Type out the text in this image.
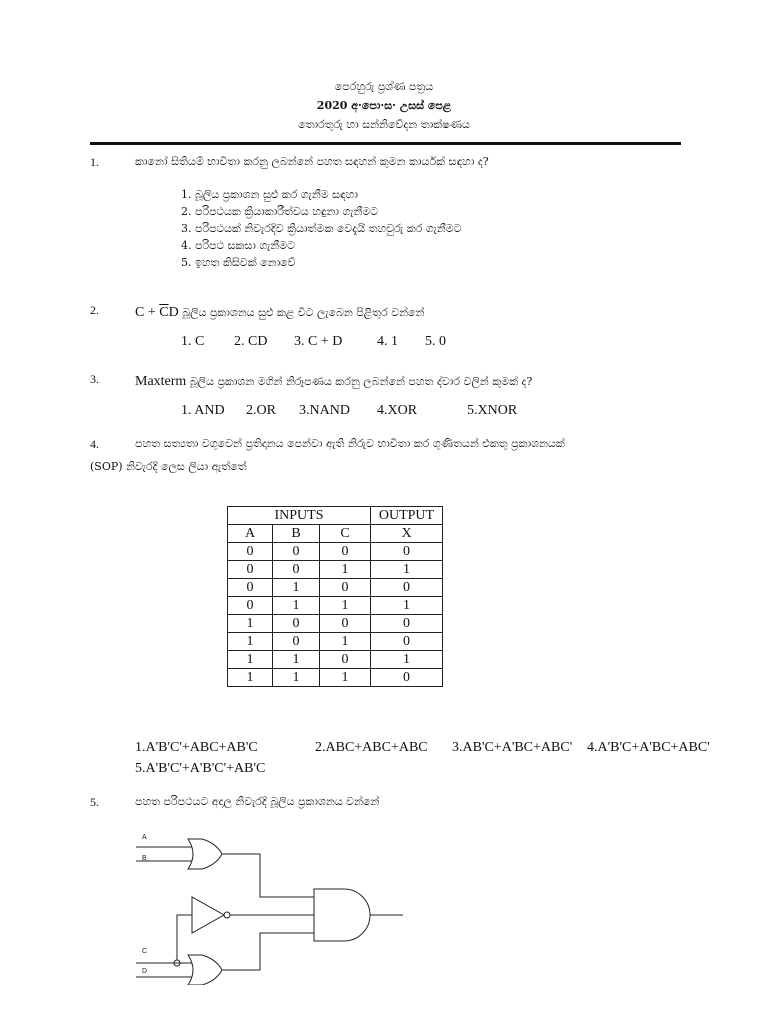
පෙරහුරු ප්‍රශ්ණ පත්‍රය
2020 අ·පො·ස· උසස් පෙළ
තොරතුරු හා සන්නිවේදන තාක්ෂණය
1.	කානෝ සිතියම් භාවිතා කරනු ලබන්නේ පහත සඳහන් කුමන කාර්යක් සඳහා ද?
1. බූලිය ප්‍රකාශන සුළු කර ගැනීම සඳහා
2. පරිපථයක ක්‍රියාකාරීත්වය හඳුනා ගැනීමට
3. පරිපථයක් නිවැරදිව ක්‍රියාත්මක වෙදැයි තහවුරු කර ගැනීමට
4. පරිපථ සකසා ගැනීමට
5. ඉහත කිසිවක් නොවේ
2.	$C + \overline{C}D$ බූලිය ප්‍රකාශනය සුළු කළ විට ලැබෙන පිළිතුර වන්නේ
1. C 2. CD 3. C + D 4. 1 5. 0
3.	Maxterm බූලිය ප්‍රකාශන මගින් නිරූපණය කරනු ලබන්නේ පහත ද්වාර වලින් කුමක් ද?
1. AND 2.OR 3.NAND 4.XOR	5.XNOR
4.	පහත සත්‍යතා වගුවෙන් ප්‍රතිදානය පෙන්වා ඇති නිරුව භාවිතා කර ගුණිතයන් එකතු ප්‍රකාශනයක්
(SOP) නිවැරදි ලෙස ලියා ඇත්තේ
INPUTS			OUTPUT
A	B	C	X
0	0	0	0
0	0	1	1
0	1	0	0
0	1	1	1
1	0	0	0
1	0	1	0
1	1	0	1
1	1	1	0
1.A'B'C'+ABC+AB'C	2.ABC+ABC+ABC 3.AB'C+A'BC+ABC' 4.A'B'C+A'BC+ABC'
5.A'B'C'+A'B'C'+AB'C
5.	පහත පරිපථයට අදාල නිවැරදි බූලිය ප්‍රකාශනය වන්නේ
A
B
C
D
